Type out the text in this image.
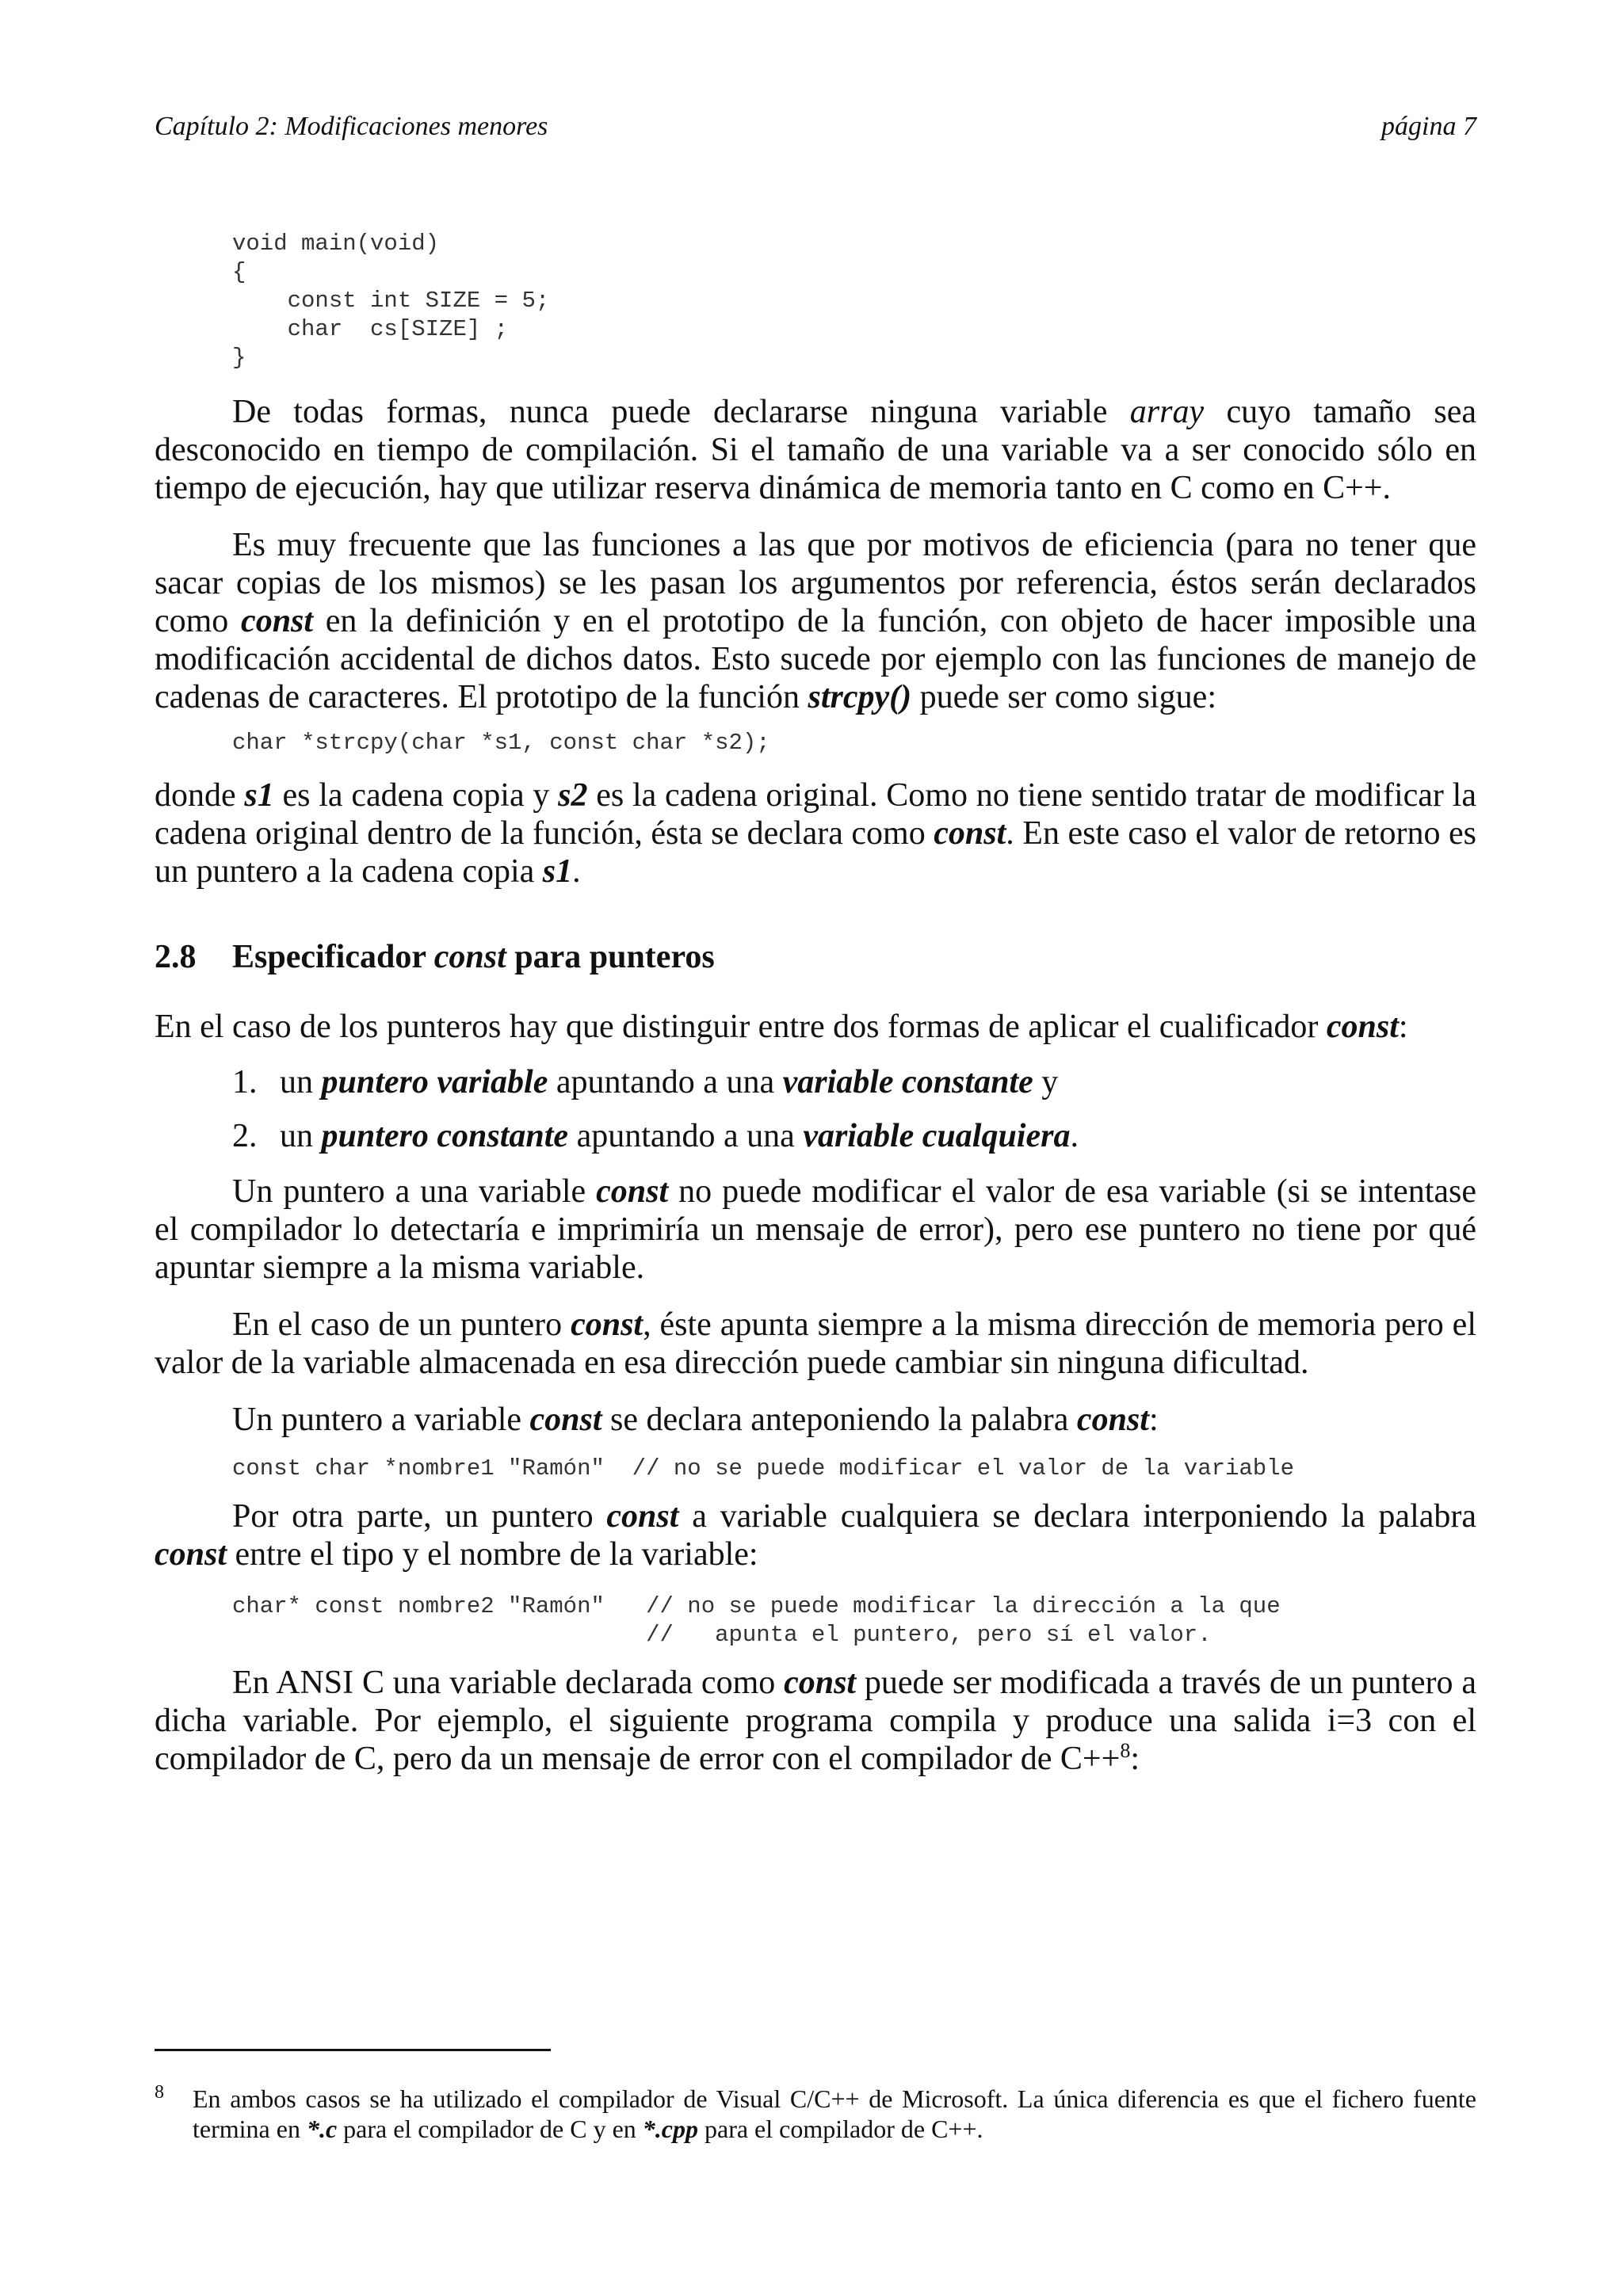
Capítulo 2: Modificaciones menores	página 7
void main(void)
{
const int SIZE = 5;
char  cs[SIZE] ;
}

De todas formas, nunca puede declararse ninguna variable array cuyo tamaño sea desconocido en tiempo de compilación. Si el tamaño de una variable va a ser conocido sólo en tiempo de ejecución, hay que utilizar reserva dinámica de memoria tanto en C como en C++.

Es muy frecuente que las funciones a las que por motivos de eficiencia (para no tener que sacar copias de los mismos) se les pasan los argumentos por referencia, éstos serán declarados como const en la definición y en el prototipo de la función, con objeto de hacer imposible una modificación accidental de dichos datos. Esto sucede por ejemplo con las funciones de manejo de cadenas de caracteres. El prototipo de la función strcpy() puede ser como sigue:

char *strcpy(char *s1, const char *s2);

donde s1 es la cadena copia y s2 es la cadena original. Como no tiene sentido tratar de modificar la cadena original dentro de la función, ésta se declara como const. En este caso el valor de retorno es un puntero a la cadena copia s1.

2.8 Especificador const para punteros

En el caso de los punteros hay que distinguir entre dos formas de aplicar el cualificador const:

1. un puntero variable apuntando a una variable constante y
2. un puntero constante apuntando a una variable cualquiera.

Un puntero a una variable const no puede modificar el valor de esa variable (si se intentase el compilador lo detectaría e imprimiría un mensaje de error), pero ese puntero no tiene por qué apuntar siempre a la misma variable.

En el caso de un puntero const, éste apunta siempre a la misma dirección de memoria pero el valor de la variable almacenada en esa dirección puede cambiar sin ninguna dificultad.

Un puntero a variable const se declara anteponiendo la palabra const:

const char *nombre1 "Ramón"  // no se puede modificar el valor de la variable

Por otra parte, un puntero const a variable cualquiera se declara interponiendo la palabra const entre el tipo y el nombre de la variable:

char* const nombre2 "Ramón"   // no se puede modificar la dirección a la que
//   apunta el puntero, pero sí el valor.

En ANSI C una variable declarada como const puede ser modificada a través de un puntero a dicha variable. Por ejemplo, el siguiente programa compila y produce una salida i=3 con el compilador de C, pero da un mensaje de error con el compilador de C++$^8$:

8	En ambos casos se ha utilizado el compilador de Visual C/C++ de Microsoft. La única diferencia es que el fichero fuente termina en *.c para el compilador de C y en *.cpp para el compilador de C++.
